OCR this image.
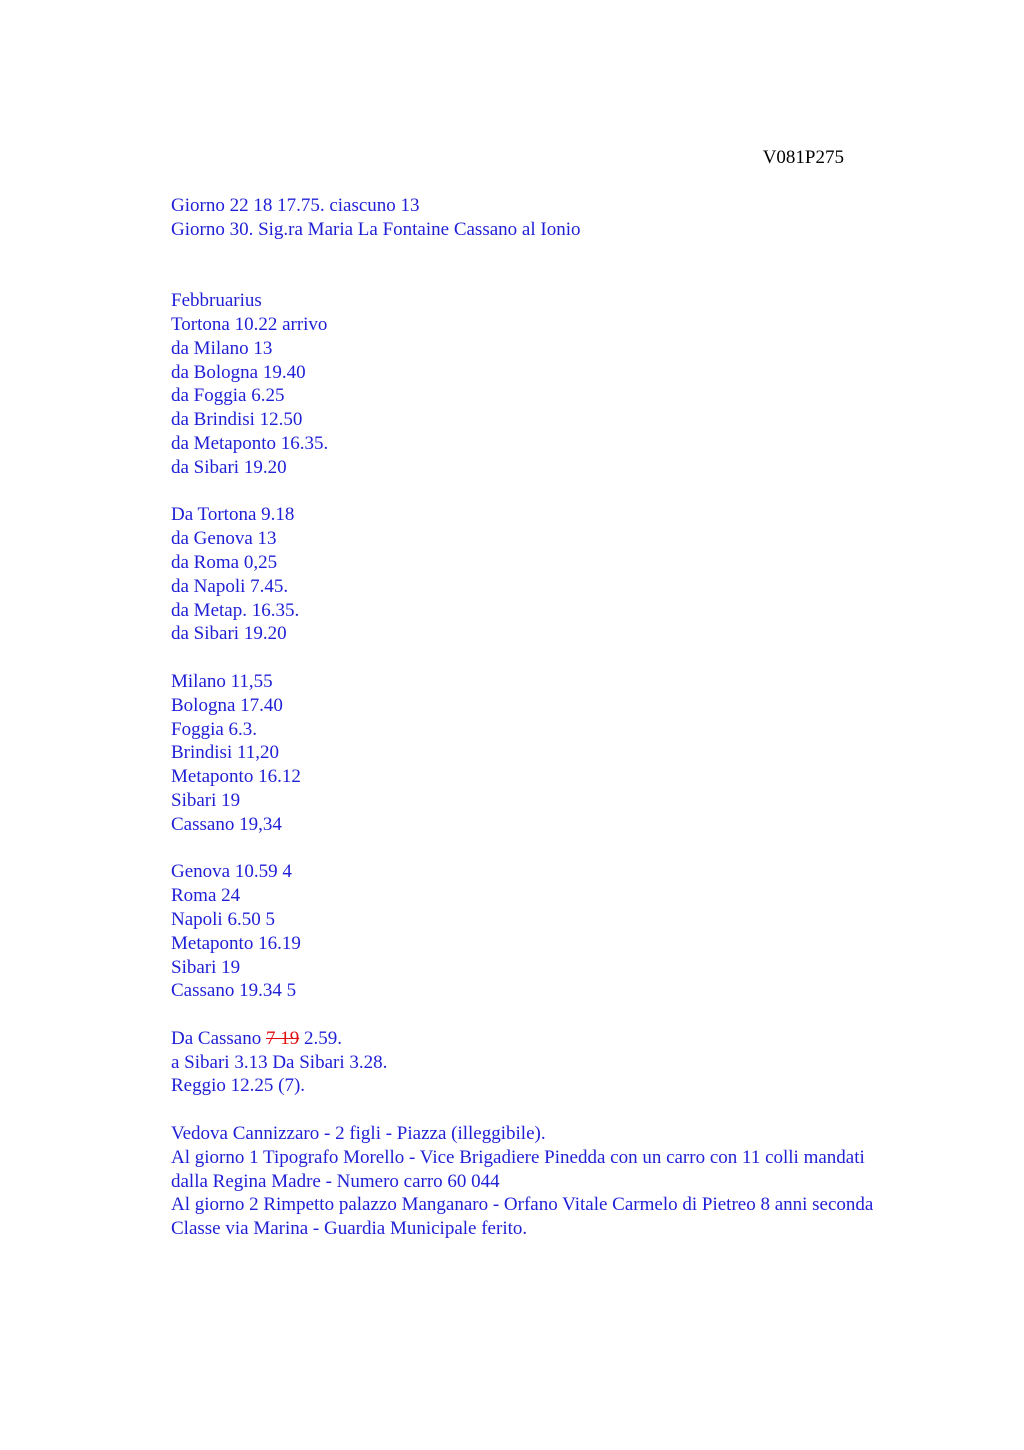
V081P275
Giorno 22 18 17.75. ciascuno 13
Giorno 30. Sig.ra Maria La Fontaine Cassano al Ionio
Febbruarius
Tortona 10.22 arrivo
da Milano 13
da Bologna 19.40
da Foggia 6.25
da Brindisi 12.50
da Metaponto 16.35.
da Sibari 19.20
Da Tortona 9.18
da Genova 13
da Roma 0,25
da Napoli 7.45.
da Metap. 16.35.
da Sibari 19.20
Milano 11,55
Bologna 17.40
Foggia 6.3.
Brindisi 11,20
Metaponto 16.12
Sibari 19
Cassano 19,34
Genova 10.59 4
Roma 24
Napoli 6.50 5
Metaponto 16.19
Sibari 19
Cassano 19.34 5
Da Cassano 7 19 2.59.
a Sibari 3.13 Da Sibari 3.28.
Reggio 12.25 (7).
Vedova Cannizzaro - 2 figli - Piazza (illeggibile).
Al giorno 1 Tipografo Morello - Vice Brigadiere Pinedda con un carro con 11 colli mandati dalla Regina Madre - Numero carro 60 044
Al giorno 2 Rimpetto palazzo Manganaro - Orfano Vitale Carmelo di Pietreo 8 anni seconda Classe via Marina - Guardia Municipale ferito.
